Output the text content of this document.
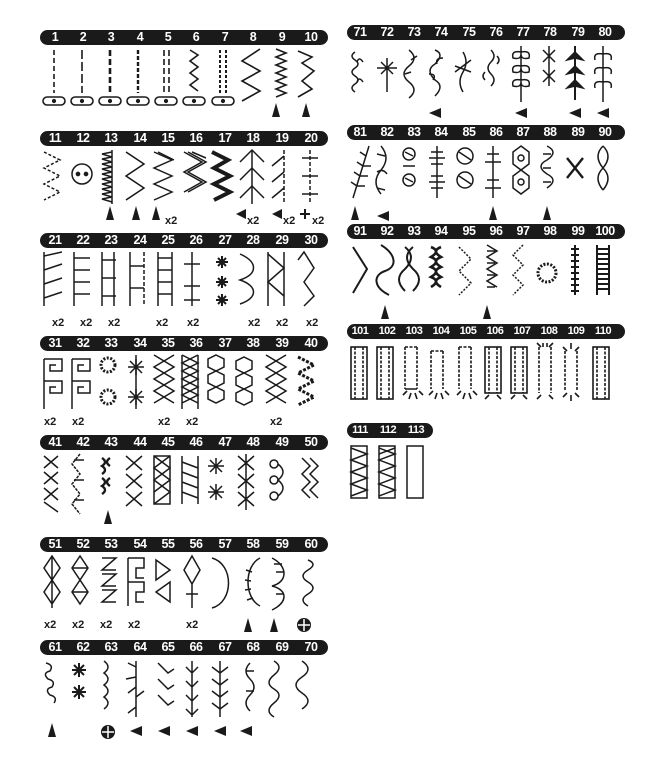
1	2	3	4	5	6	7	8	9	10
11	12	13	14	15	16	17	18	19	20
x2	x2 x2 x2
21	22	23	24	25	26	27	28	29	30
x2 x2 x2	x2 x2	x2 x2 x2
31	32	33	34	35	36	37	38	39	40
x2 x2	x2 x2	x2
41	42	43	44	45	46	47	48	49	50
51	52	53	54	55	56	57	58	59	60
x2 x2 x2 x2	x2
61	62	63	64	65	66	67	68	69	70
71	72	73	74	75	76	77	78	79	80
81	82	83	84	85	86	87	88	89	90
91	92	93	94	95	96	97	98	99 100
101 102 103 104 105 106 107 108 109 110
111	112	113
